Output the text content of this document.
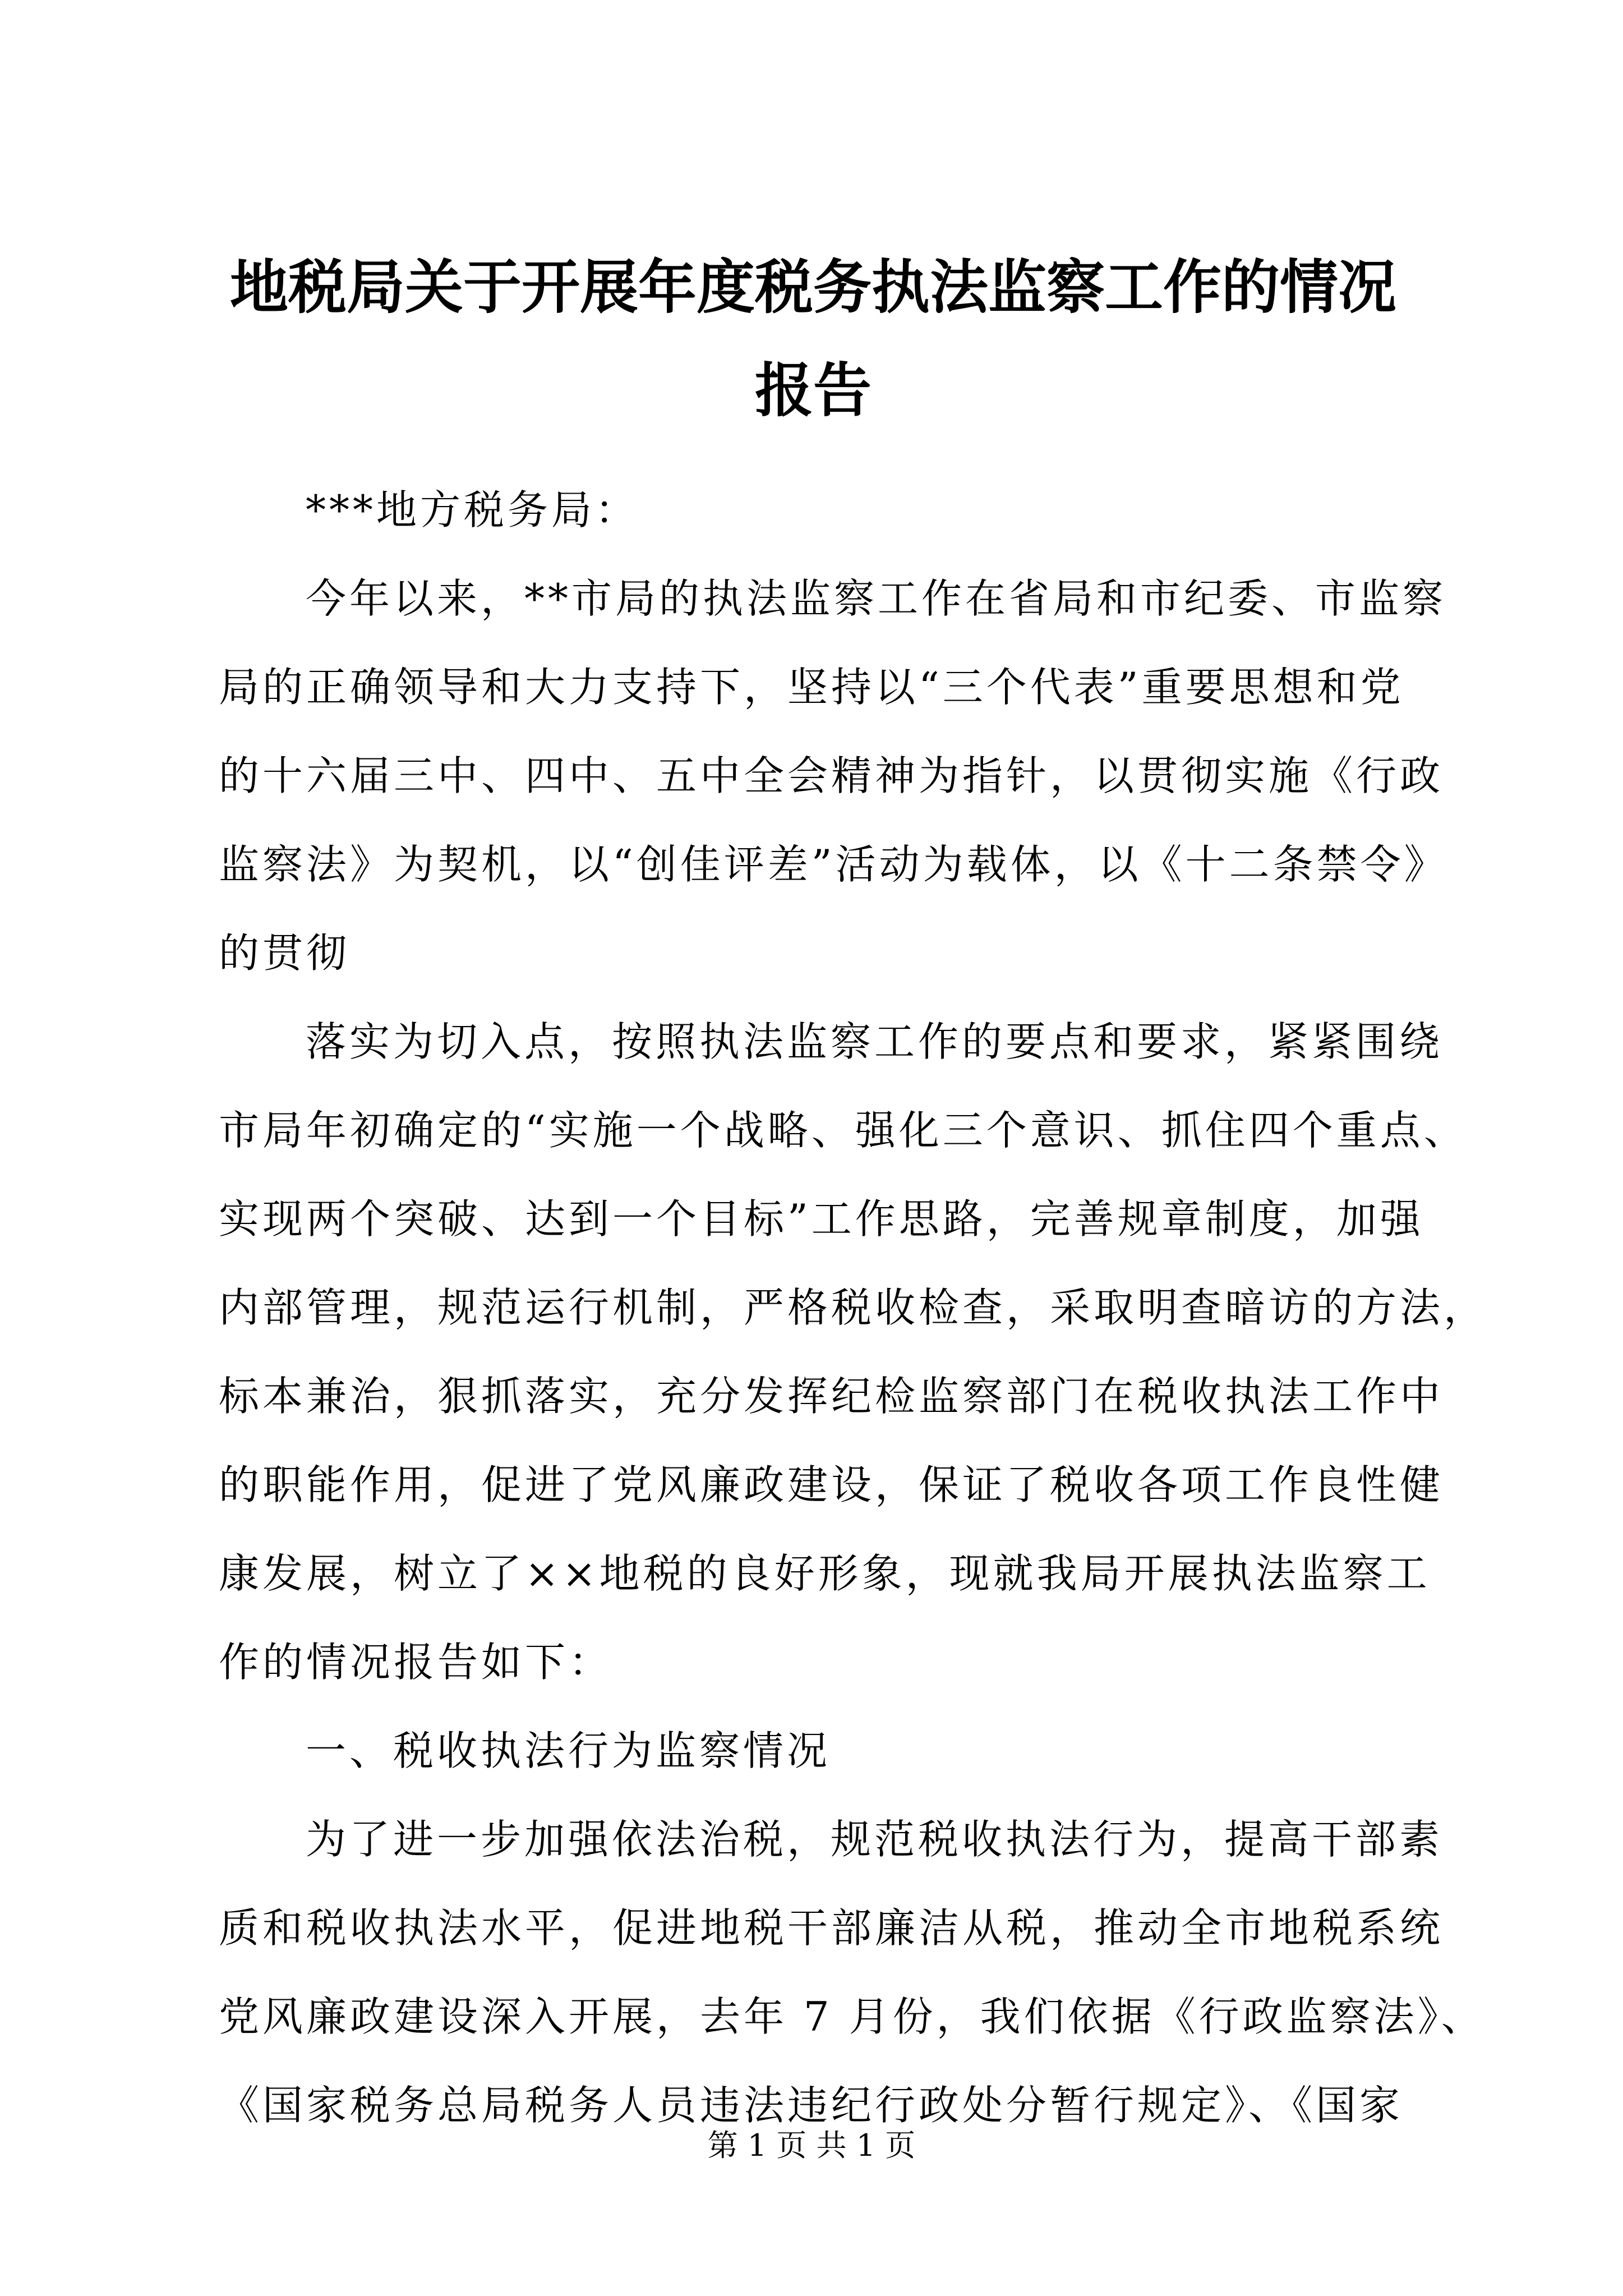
地税局关于开展年度税务执法监察工作的情况
报告
***地方税务局：
今年以来，**市局的执法监察工作在省局和市纪委、市监察
局的正确领导和大力支持下，坚持以“三个代表”重要思想和党
的十六届三中、四中、五中全会精神为指针，以贯彻实施《行政
监察法》为契机，以“创佳评差”活动为载体，以《十二条禁令》
的贯彻
落实为切入点，按照执法监察工作的要点和要求，紧紧围绕
市局年初确定的“实施一个战略、强化三个意识、抓住四个重点、
实现两个突破、达到一个目标”工作思路，完善规章制度，加强
内部管理，规范运行机制，严格税收检查，采取明查暗访的方法，
标本兼治，狠抓落实，充分发挥纪检监察部门在税收执法工作中
的职能作用，促进了党风廉政建设，保证了税收各项工作良性健
康发展，树立了××地税的良好形象，现就我局开展执法监察工
作的情况报告如下：
一、税收执法行为监察情况
为了进一步加强依法治税，规范税收执法行为，提高干部素
质和税收执法水平，促进地税干部廉洁从税，推动全市地税系统
党风廉政建设深入开展，去年 7 月份，我们依据《行政监察法》、
《国家税务总局税务人员违法违纪行政处分暂行规定》、《国家
第 1 页 共 1 页
